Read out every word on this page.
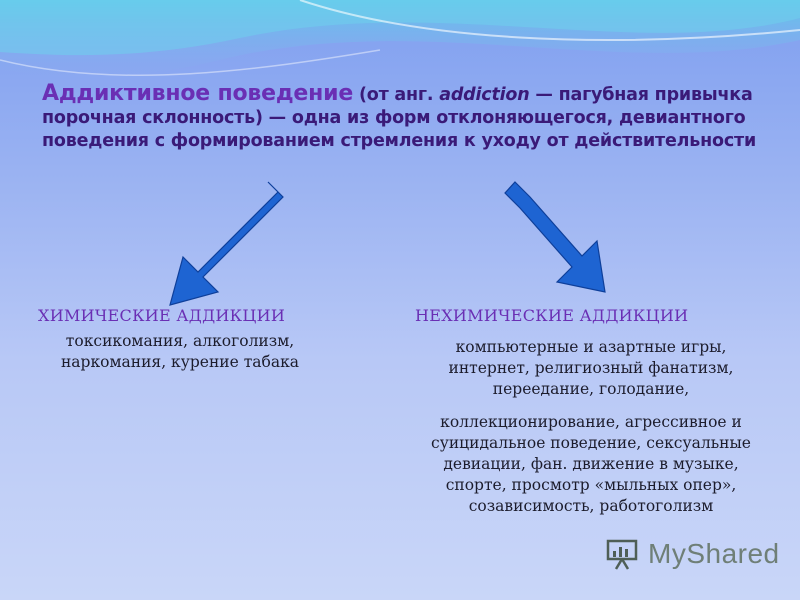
Аддиктивное поведение (от анг. addiction — пагубная привычка порочная склонность) — одна из форм отклоняющегося, девиантного поведения с формированием стремления к уходу от действительности
ХИМИЧЕСКИЕ АДДИКЦИИ
токсикомания, алкоголизм,
наркомания, курение табака
НЕХИМИЧЕСКИЕ АДДИКЦИИ
компьютерные и азартные игры,
интернет, религиозный фанатизм,
переедание, голодание,
коллекционирование, агрессивное и
суицидальное поведение, сексуальные
девиации, фан. движение в музыке,
спорте, просмотр «мыльных опер»,
созависимость, работоголизм
MyShared
